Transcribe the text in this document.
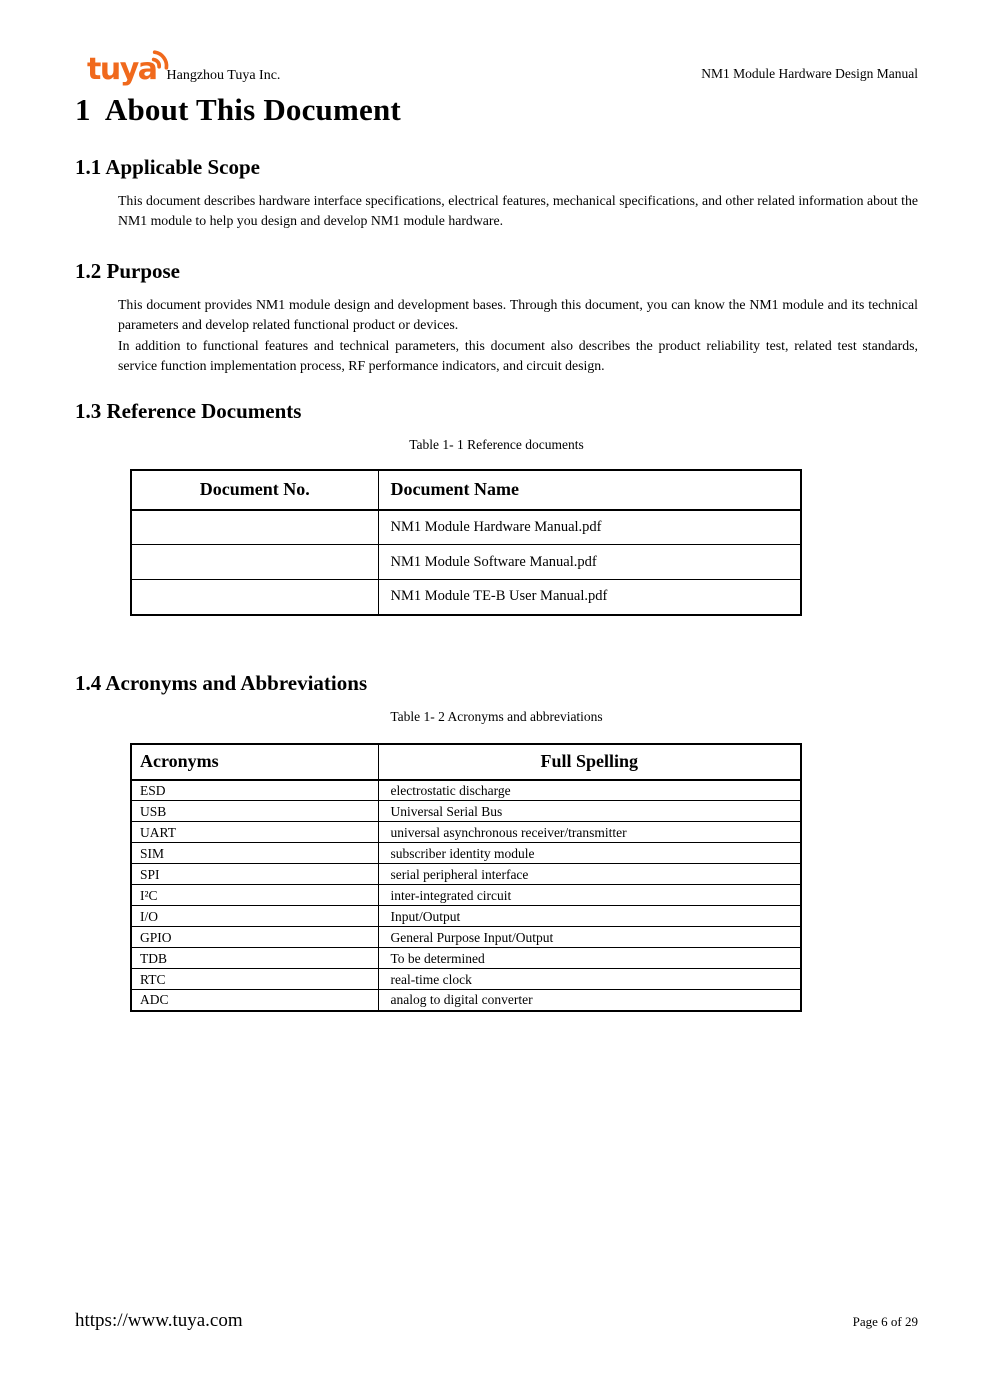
tuya Hangzhou Tuya Inc.	NM1 Module Hardware Design Manual
1  About This Document
1.1 Applicable Scope

This document describes hardware interface specifications, electrical features, mechanical specifications, and other related information about the NM1 module to help you design and develop NM1 module hardware.

1.2 Purpose

This document provides NM1 module design and development bases. Through this document, you can know the NM1 module and its technical parameters and develop related functional product or devices.

In addition to functional features and technical parameters, this document also describes the product reliability test, related test standards, service function implementation process, RF performance indicators, and circuit design.

1.3 Reference Documents
Table 1- 1 Reference documents
Document No.	Document Name
	NM1 Module Hardware Manual.pdf
	NM1 Module Software Manual.pdf
	NM1 Module TE-B User Manual.pdf
1.4 Acronyms and Abbreviations
Table 1- 2 Acronyms and abbreviations
Acronyms	Full Spelling
ESD	electrostatic discharge
USB	Universal Serial Bus
UART	universal asynchronous receiver/transmitter
SIM	subscriber identity module
SPI	serial peripheral interface
I²C	inter-integrated circuit
I/O	Input/Output
GPIO	General Purpose Input/Output
TDB	To be determined
RTC	real-time clock
ADC	analog to digital converter
https://www.tuya.com	Page 6 of 29
